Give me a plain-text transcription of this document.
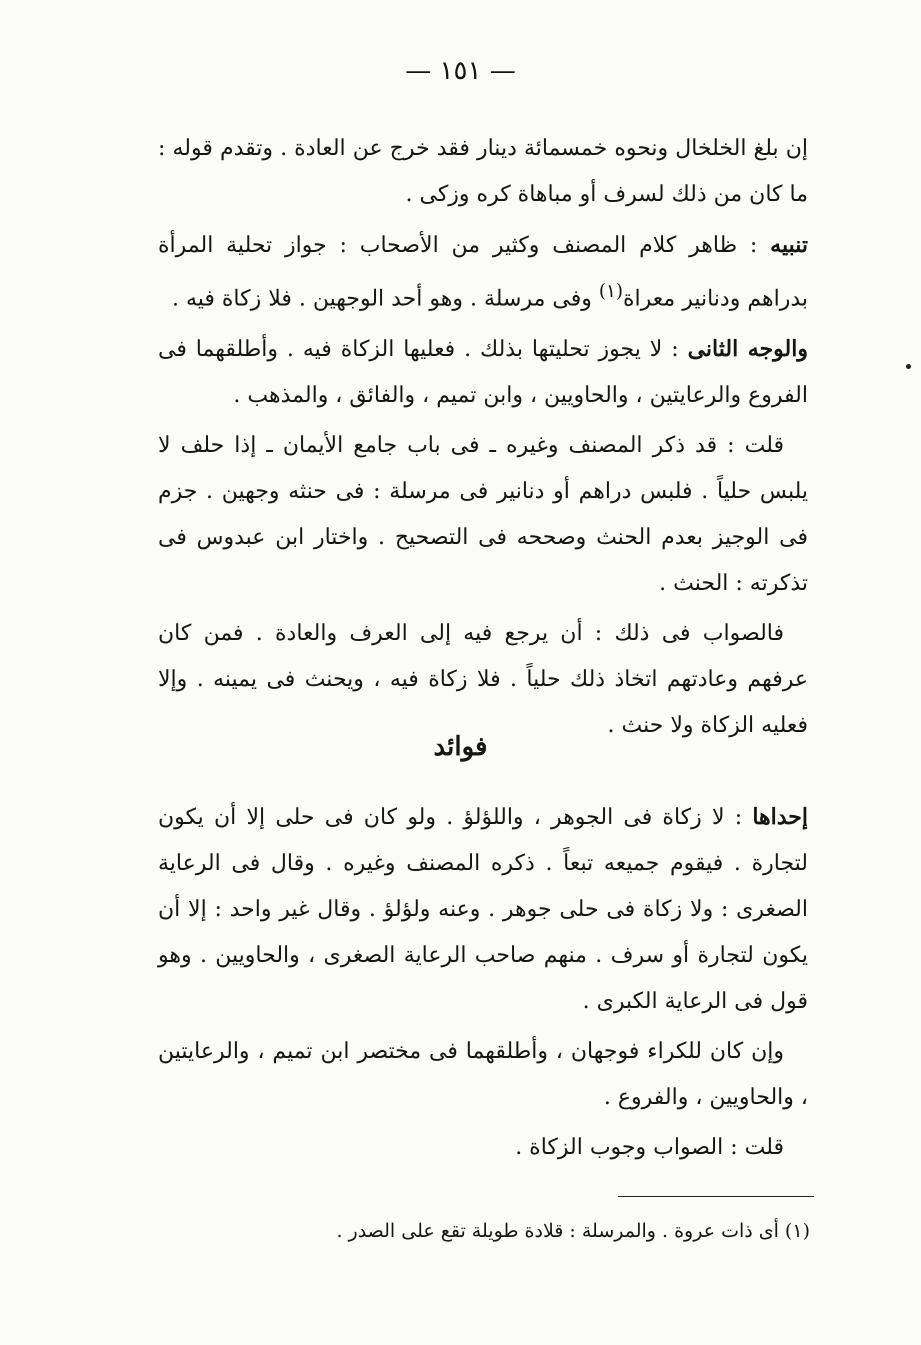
— ١٥١ —

إن بلغ الخلخال ونحوه خمسمائة دينار فقد خرج عن العادة . وتقدم قوله : ما كان من ذلك لسرف أو مباهاة كره وزكى .

تنبيه : ظاهر كلام المصنف وكثير من الأصحاب : جواز تحلية المرأة بدراهم ودنانير معراة$^{(١)}$ وفى مرسلة . وهو أحد الوجهين . فلا زكاة فيه .

والوجه الثانى : لا يجوز تحليتها بذلك . فعليها الزكاة فيه . وأطلقهما فى الفروع والرعايتين ، والحاويين ، وابن تميم ، والفائق ، والمذهب .

قلت : قد ذكر المصنف وغيره ـ فى باب جامع الأيمان ـ إذا حلف لا يلبس حلياً . فلبس دراهم أو دنانير فى مرسلة : فى حنثه وجهين . جزم فى الوجيز بعدم الحنث وصححه فى التصحيح . واختار ابن عبدوس فى تذكرته : الحنث .

فالصواب فى ذلك : أن يرجع فيه إلى العرف والعادة . فمن كان عرفهم وعادتهم اتخاذ ذلك حلياً . فلا زكاة فيه ، ويحنث فى يمينه . وإلا فعليه الزكاة ولا حنث .

فوائد

إحداها : لا زكاة فى الجوهر ، واللؤلؤ . ولو كان فى حلى إلا أن يكون لتجارة . فيقوم جميعه تبعاً . ذكره المصنف وغيره . وقال فى الرعاية الصغرى : ولا زكاة فى حلى جوهر . وعنه ولؤلؤ . وقال غير واحد : إلا أن يكون لتجارة أو سرف . منهم صاحب الرعاية الصغرى ، والحاويين . وهو قول فى الرعاية الكبرى .

وإن كان للكراء فوجهان ، وأطلقهما فى مختصر ابن تميم ، والرعايتين ، والحاويين ، والفروع .

قلت : الصواب وجوب الزكاة .

(١) أى ذات عروة . والمرسلة : قلادة طويلة تقع على الصدر .
